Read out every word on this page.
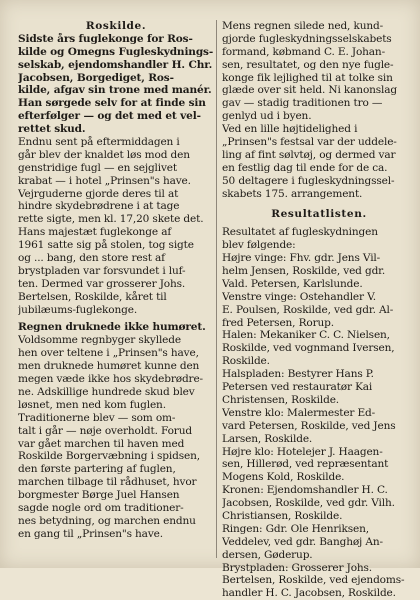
Roskilde.
Sidste års fuglekonge for Ros-
kilde og Omegns Fugleskydnings-
selskab, ejendomshandler H. Chr.
Jacobsen, Borgediget, Ros-
kilde, afgav sin trone med manér.
Han sørgede selv for at finde sin
efterfølger — og det med et vel-
rettet skud.
Endnu sent på eftermiddagen i
går blev der knaldet løs mod den
genstridige fugl — en sejglivet
krabat — i hotel „Prinsen"s have.
Vejrguderne gjorde deres til at
hindre skydebrødrene i at tage
rette sigte, men kl. 17,20 skete det.
Hans majestæt fuglekonge af
1961 satte sig på stolen, tog sigte
og ... bang, den store rest af
brystpladen var forsvundet i luf-
ten. Dermed var grosserer Johs.
Bertelsen, Roskilde, kåret til
jubilæums-fuglekonge.
Regnen druknede ikke humøret.
Voldsomme regnbyger skyllede
hen over teltene i „Prinsen"s have,
men druknede humøret kunne den
megen væde ikke hos skydebrødre-
ne. Adskillige hundrede skud blev
løsnet, men ned kom fuglen.
Traditionerne blev — som om-
talt i går — nøje overholdt. Forud
var gået marchen til haven med
Roskilde Borgervæbning i spidsen,
den første partering af fuglen,
marchen tilbage til rådhuset, hvor
borgmester Børge Juel Hansen
sagde nogle ord om traditioner-
nes betydning, og marchen endnu
en gang til „Prinsen"s have.
Mens regnen silede ned, kund-
gjorde fugleskydningsselskabets
formand, købmand C. E. Johan-
sen, resultatet, og den nye fugle-
konge fik lejlighed til at tolke sin
glæde over sit held. Ni kanonslag
gav — stadig traditionen tro —
genlyd ud i byen.
Ved en lille højtidelighed i
„Prinsen"s festsal var der uddele-
ling af fint sølvtøj, og dermed var
en festlig dag til ende for de ca.
50 deltagere i fugleskydningssel-
skabets 175. arrangement.
Resultatlisten.
Resultatet af fugleskydningen
blev følgende:
Højre vinge: Fhv. gdr. Jens Vil-
helm Jensen, Roskilde, ved gdr.
Vald. Petersen, Karlslunde.
Venstre vinge: Ostehandler V.
E. Poulsen, Roskilde, ved gdr. Al-
fred Petersen, Rorup.
Halen: Mekaniker C. C. Nielsen,
Roskilde, ved vognmand Iversen,
Roskilde.
Halspladen: Bestyrer Hans P.
Petersen ved restauratør Kai
Christensen, Roskilde.
Venstre klo: Malermester Ed-
vard Petersen, Roskilde, ved Jens
Larsen, Roskilde.
Højre klo: Hotelejer J. Haagen-
sen, Hillerød, ved repræsentant
Mogens Kold, Roskilde.
Kronen: Ejendomshandler H. C.
Jacobsen, Roskilde, ved gdr. Vilh.
Christiansen, Roskilde.
Ringen: Gdr. Ole Henriksen,
Veddelev, ved gdr. Banghøj An-
dersen, Gøderup.
Brystpladen: Grosserer Johs.
Bertelsen, Roskilde, ved ejendoms-
handler H. C. Jacobsen, Roskilde.
